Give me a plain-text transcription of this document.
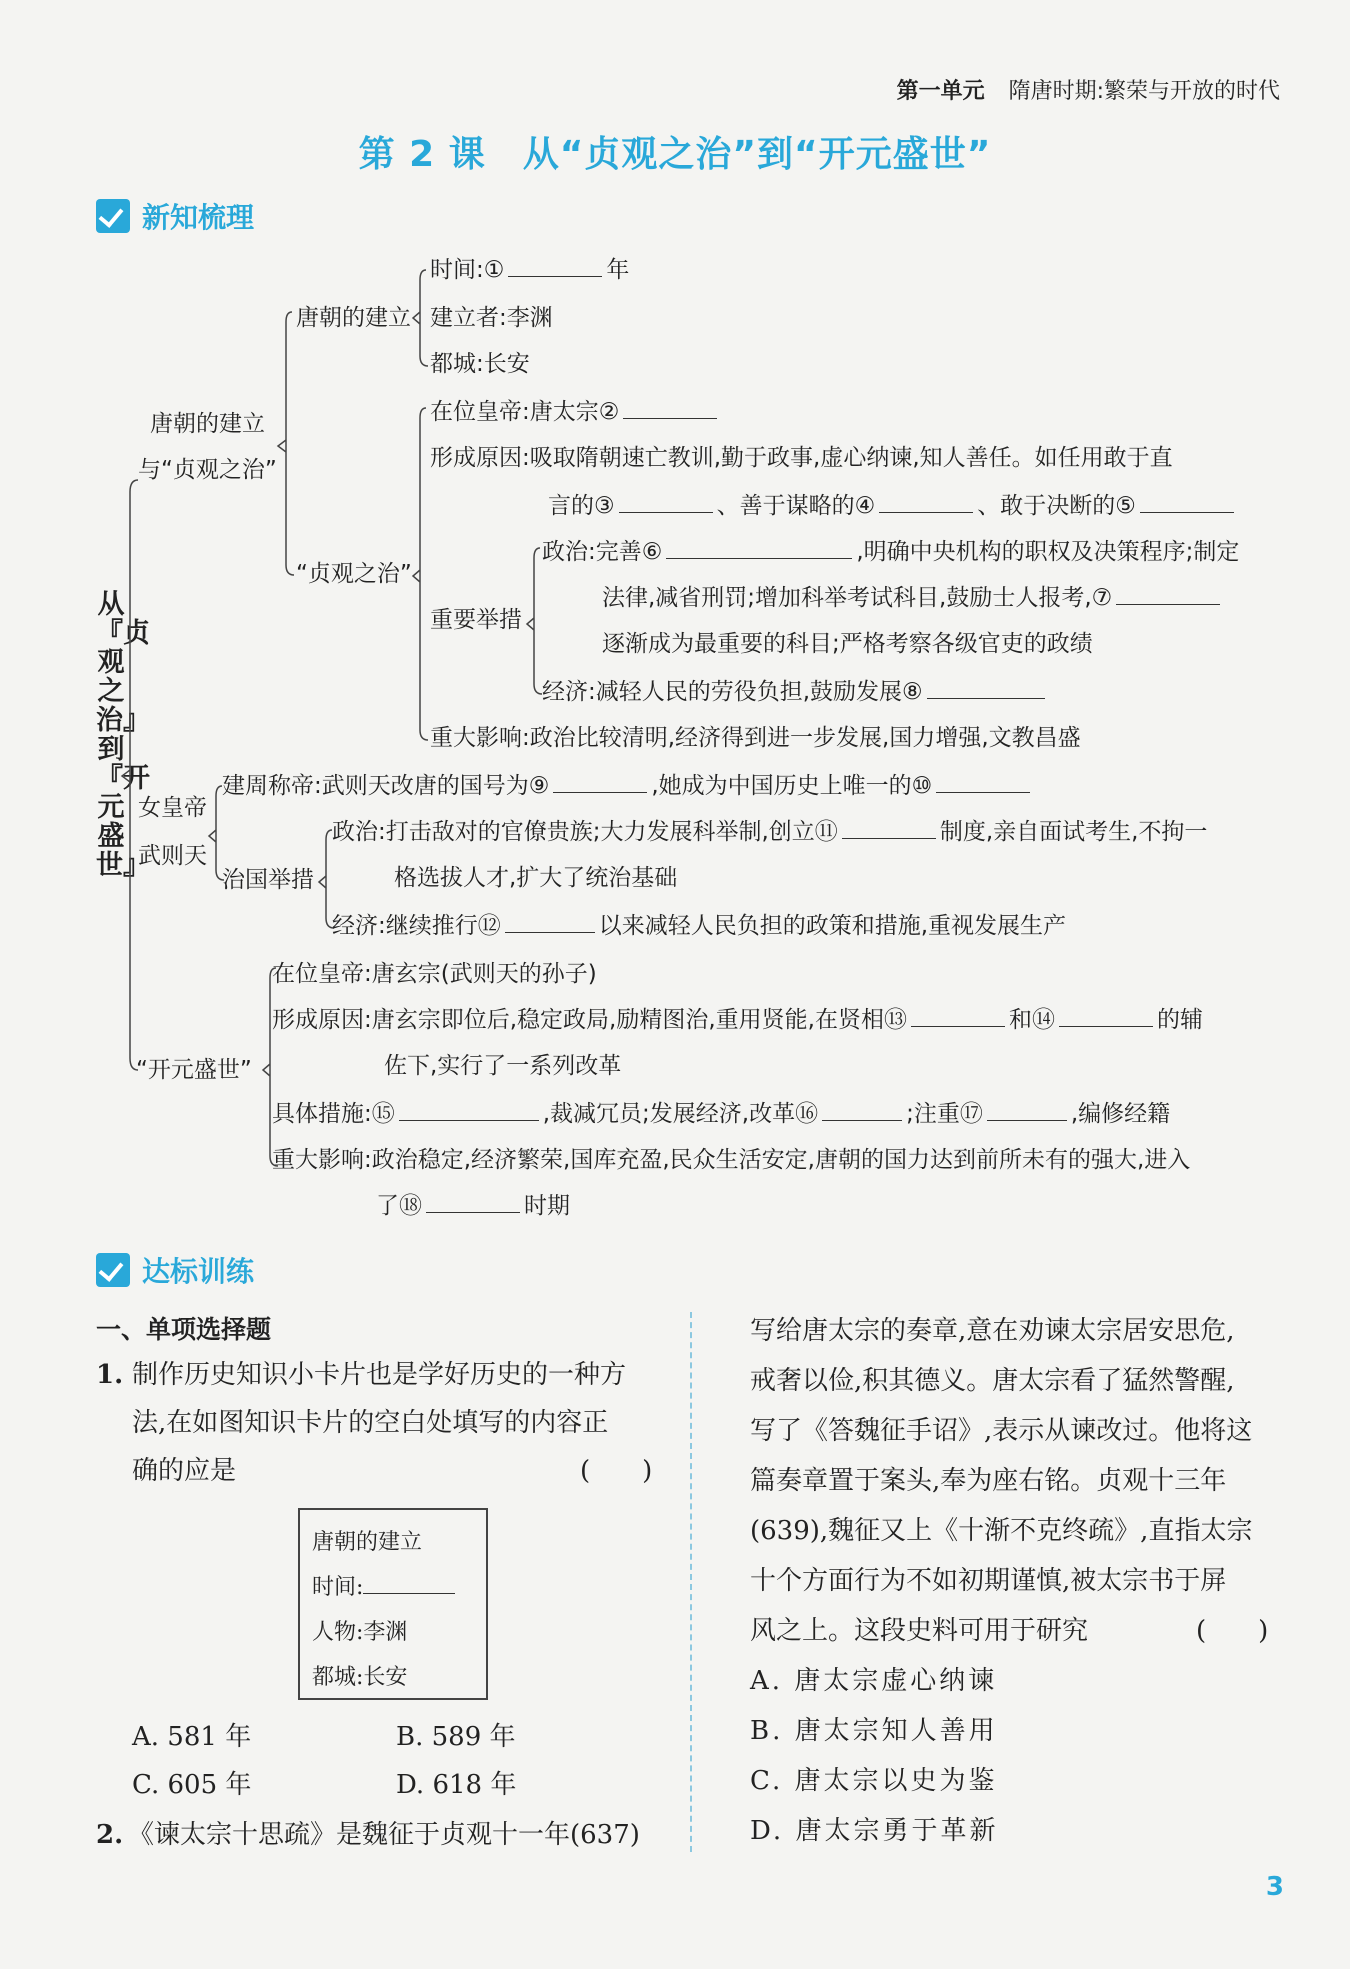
第一单元 隋唐时期:繁荣与开放的时代
第 2 课　从“贞观之治”到“开元盛世”
新知梳理
从『贞观之治』到『开元盛世』
唐朝的建立
与“贞观之治”
唐朝的建立
“贞观之治”
时间:①	年
建立者:李渊
都城:长安
在位皇帝:唐太宗②
形成原因:吸取隋朝速亡教训,勤于政事,虚心纳谏,知人善任。如任用敢于直
言的③	、善于谋略的④	、敢于决断的⑤
重要举措
政治:完善⑥	,明确中央机构的职权及决策程序;制定
法律,减省刑罚;增加科举考试科目,鼓励士人报考,⑦
逐渐成为最重要的科目;严格考察各级官吏的政绩
经济:减轻人民的劳役负担,鼓励发展⑧
重大影响:政治比较清明,经济得到进一步发展,国力增强,文教昌盛
女皇帝
武则天
建周称帝:武则天改唐的国号为⑨	,她成为中国历史上唯一的⑩
治国举措
政治:打击敌对的官僚贵族;大力发展科举制,创立⑪	制度,亲自面试考生,不拘一
格选拔人才,扩大了统治基础
经济:继续推行⑫	以来减轻人民负担的政策和措施,重视发展生产
“开元盛世”
在位皇帝:唐玄宗(武则天的孙子)
形成原因:唐玄宗即位后,稳定政局,励精图治,重用贤能,在贤相⑬	和⑭	的辅
佐下,实行了一系列改革
具体措施:⑮	,裁减冗员;发展经济,改革⑯	;注重⑰	,编修经籍
重大影响:政治稳定,经济繁荣,国库充盈,民众生活安定,唐朝的国力达到前所未有的强大,进入
了⑱	时期
达标训练
一、单项选择题
1. 制作历史知识小卡片也是学好历史的一种方
法,在如图知识卡片的空白处填写的内容正
确的应是	(　　)
唐朝的建立
时间:
人物:李渊
都城:长安
A. 581 年	B. 589 年
C. 605 年	D. 618 年
2. 《谏太宗十思疏》是魏征于贞观十一年(637)
写给唐太宗的奏章,意在劝谏太宗居安思危,
戒奢以俭,积其德义。唐太宗看了猛然警醒,
写了《答魏征手诏》,表示从谏改过。他将这
篇奏章置于案头,奉为座右铭。贞观十三年
(639),魏征又上《十渐不克终疏》,直指太宗
十个方面行为不如初期谨慎,被太宗书于屏
风之上。这段史料可用于研究	(　　)
A. 唐太宗虚心纳谏
B. 唐太宗知人善用
C. 唐太宗以史为鉴
D. 唐太宗勇于革新
3
